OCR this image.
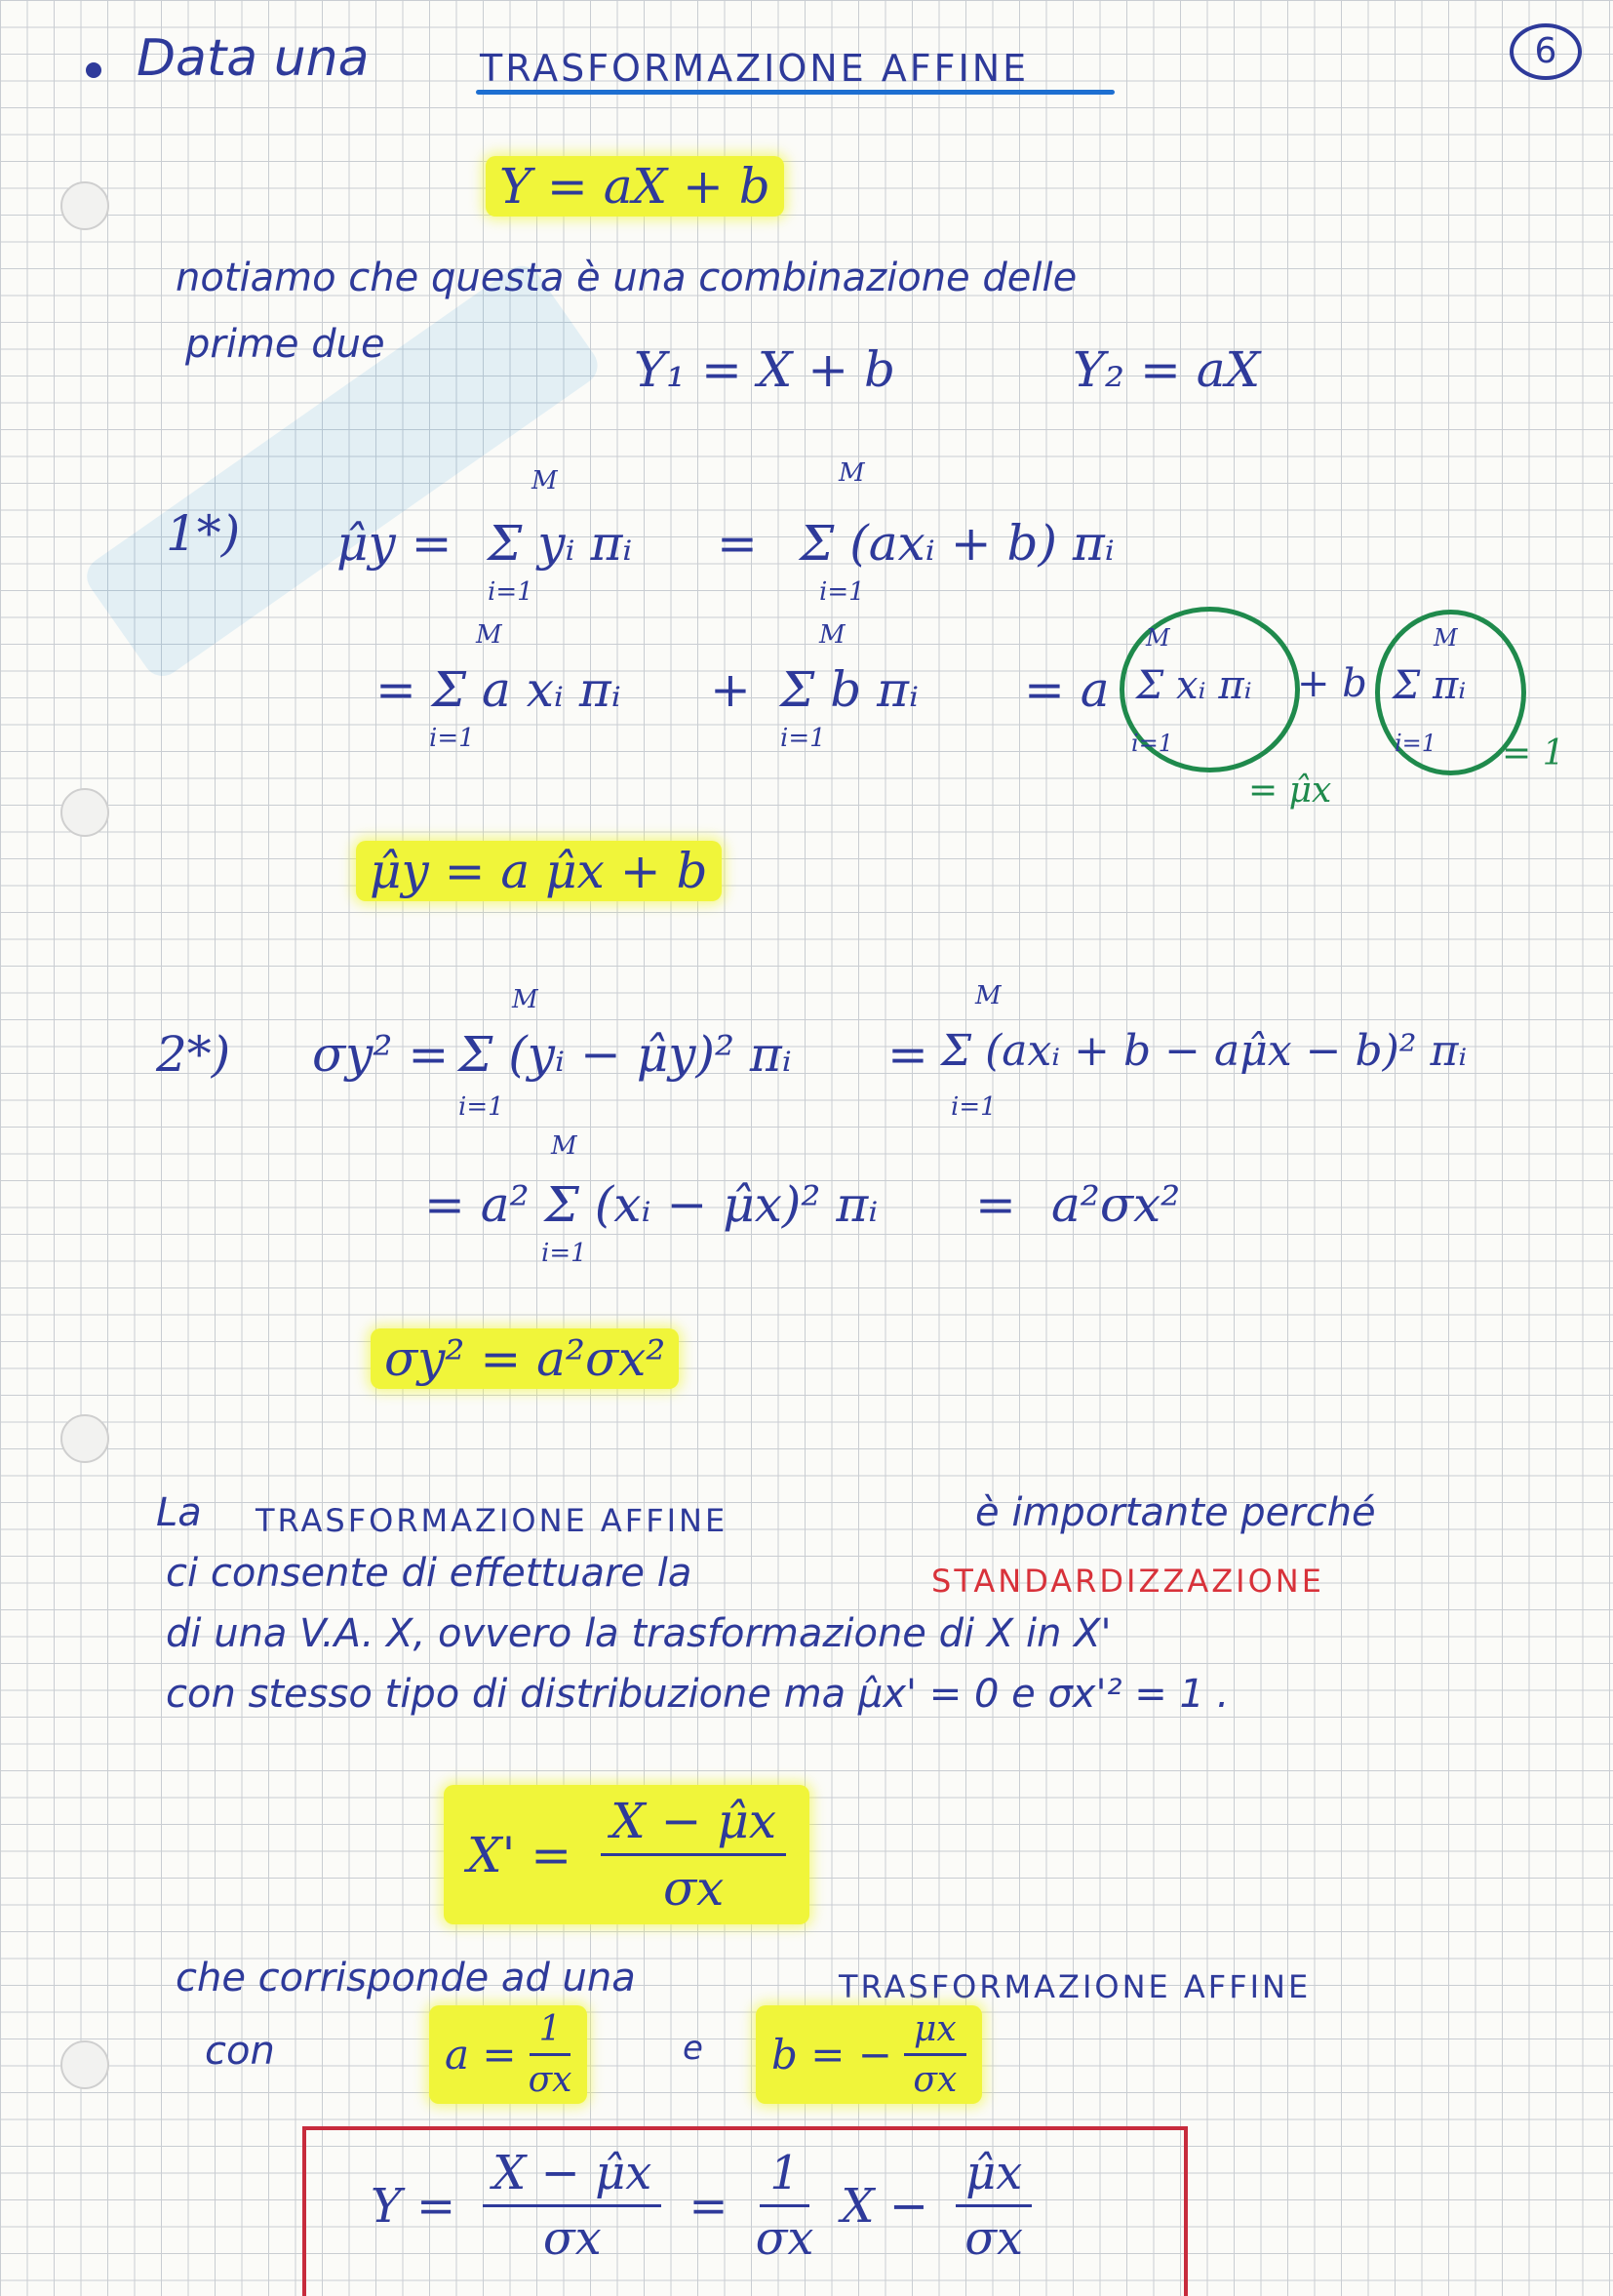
Data una	TRASFORMAZIONE AFFINE	6
Y = aX + b
notiamo che questa è una combinazione delle
prime due	Y₁ = X + b	Y₂ = aX
1*) μ̂y =
M
Σ yᵢ πᵢ
i=1
=
M
Σ (axᵢ + b) πᵢ
i=1
M
= Σ a xᵢ πᵢ
i=1
+
M
Σ b πᵢ
i=1
= a
M
Σ xᵢ πᵢ
i=1
+ b
M
Σ πᵢ
i=1 = 1
= μ̂x
μ̂y = a μ̂x + b
2*) σy² =
M
Σ (yᵢ − μ̂y)² πᵢ
i=1
=
M
Σ (axᵢ + b − aμ̂x − b)² πᵢ
i=1
M
= a² Σ (xᵢ − μ̂x)² πᵢ
i=1
= a²σx²
σy² = a²σx²
La TRASFORMAZIONE AFFINE	è importante perché
ci consente di effettuare la	STANDARDIZZAZIONE
di una V.A. X, ovvero la trasformazione di X in X'
con stesso tipo di distribuzione ma μ̂x' = 0 e σx'² = 1 .
$X' = \frac{X - \mûx}{\sigma x}$
che corrisponde ad una	TRASFORMAZIONE AFFINE
con	$a = \frac{1}{\sigma x}$	e b = − $\frac{\mu x}{\sigma x}$
$Y = \frac{X - \mûx}{\sigma x} = \frac{1}{\sigma x}$ $X - \frac{\mûx}{\sigma x}$
